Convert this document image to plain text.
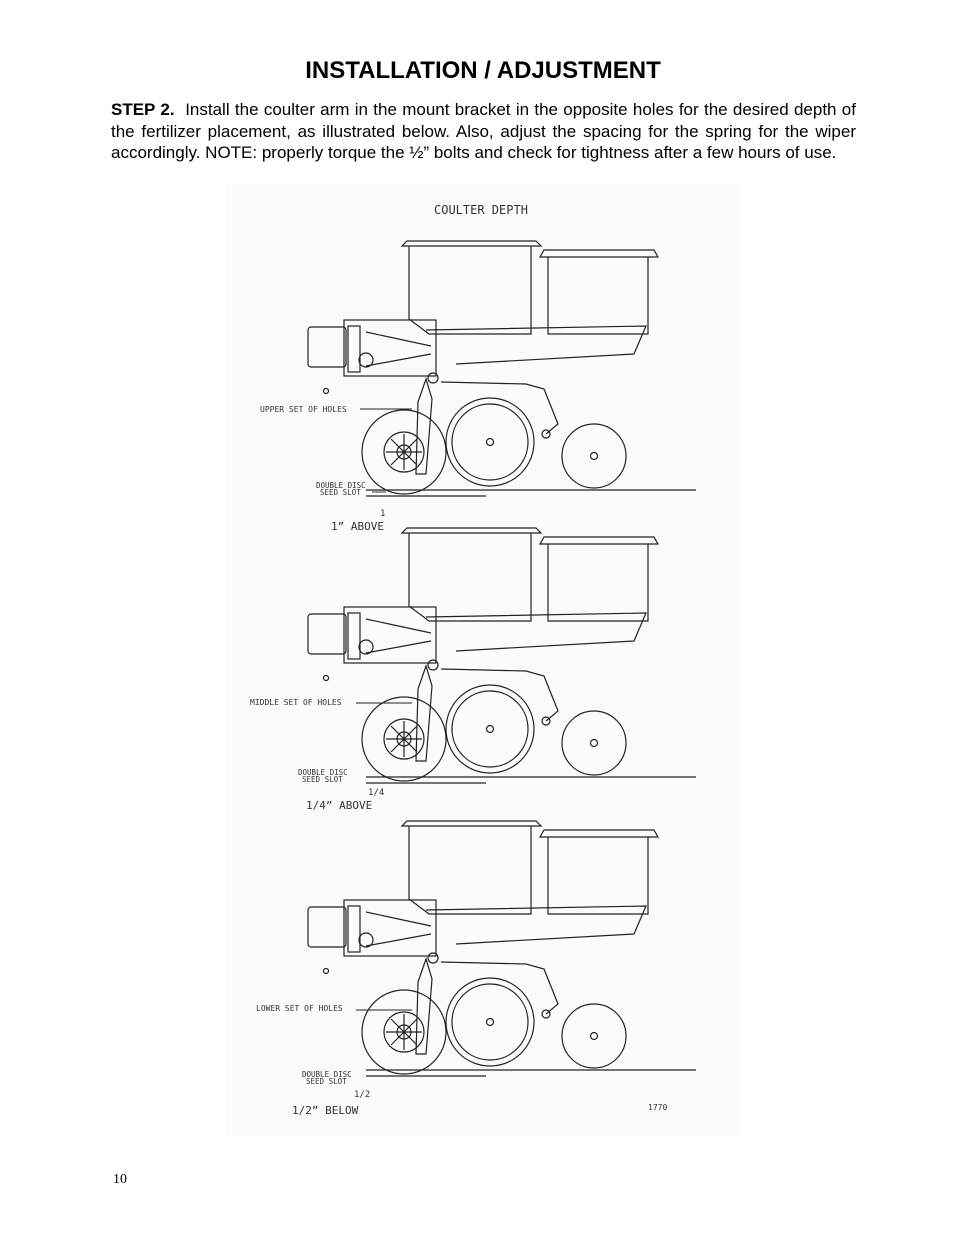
INSTALLATION / ADJUSTMENT
STEP 2. Install the coulter arm in the mount bracket in the opposite holes for the desired depth of the fertilizer placement, as illustrated below. Also, adjust the spacing for the spring for the wiper accordingly. NOTE: properly torque the ½” bolts and check for tightness after a few hours of use.
COULTER DEPTH
UPPER SET OF HOLES
DOUBLE DISC
SEED SLOT
1
1” ABOVE
MIDDLE SET OF HOLES
DOUBLE DISC
SEED SLOT
1/4
1/4” ABOVE
LOWER SET OF HOLES
DOUBLE DISC
SEED SLOT
1/2
1/2” BELOW	1770
10
